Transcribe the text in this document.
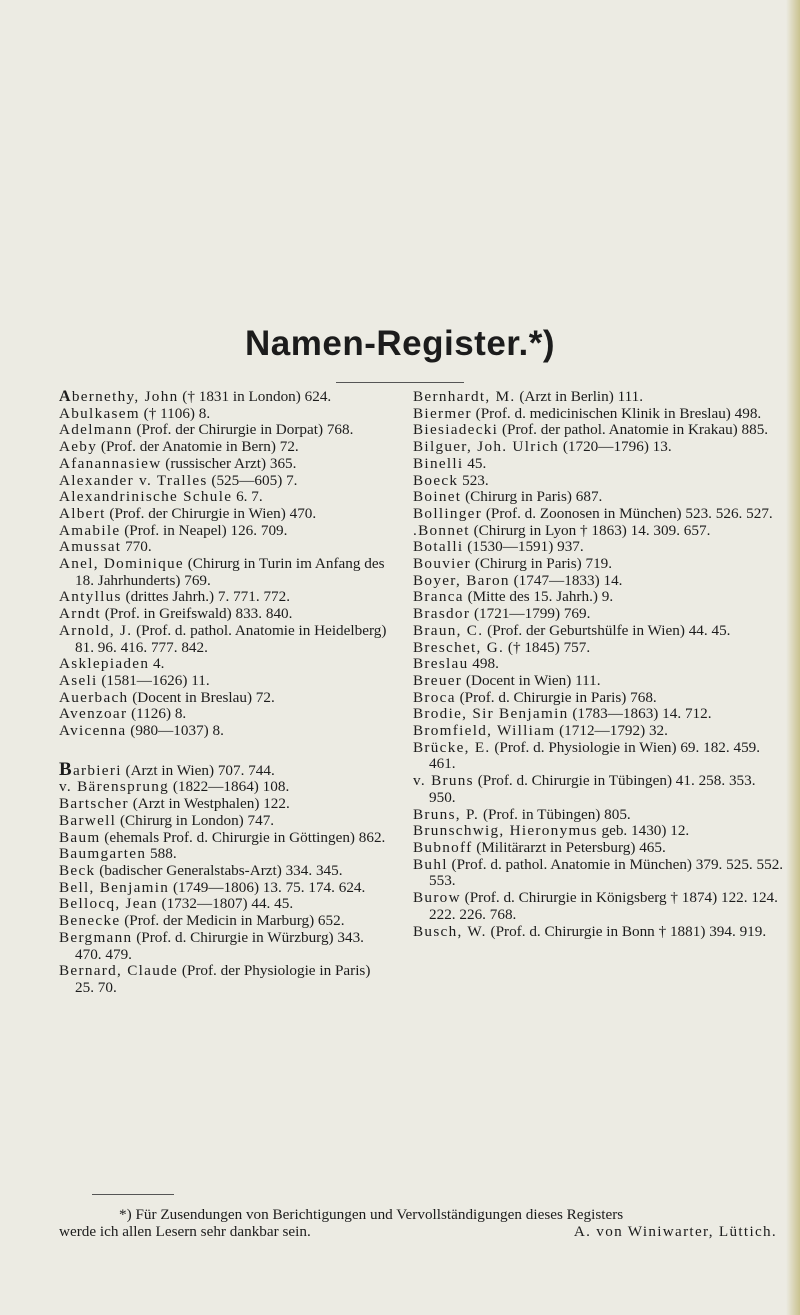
Namen-Register.*)

Abernethy, John († 1831 in London) 624.

Abulkasem († 1106) 8.

Adelmann (Prof. der Chirurgie in Dorpat) 768.

Aeby (Prof. der Anatomie in Bern) 72.

Afanannasiew (russischer Arzt) 365.

Alexander v. Tralles (525—605) 7.

Alexandrinische Schule 6. 7.

Albert (Prof. der Chirurgie in Wien) 470.

Amabile (Prof. in Neapel) 126. 709.

Amussat 770.

Anel, Dominique (Chirurg in Turin im Anfang des 18. Jahrhunderts) 769.

Antyllus (drittes Jahrh.) 7. 771. 772.

Arndt (Prof. in Greifswald) 833. 840.

Arnold, J. (Prof. d. pathol. Anatomie in Heidelberg) 81. 96. 416. 777. 842.

Asklepiaden 4.

Aseli (1581—1626) 11.

Auerbach (Docent in Breslau) 72.

Avenzoar (1126) 8.

Avicenna (980—1037) 8.

Barbieri (Arzt in Wien) 707. 744.

v. Bärensprung (1822—1864) 108.

Bartscher (Arzt in Westphalen) 122.

Barwell (Chirurg in London) 747.

Baum (ehemals Prof. d. Chirurgie in Göttingen) 862.

Baumgarten 588.

Beck (badischer Generalstabs-Arzt) 334. 345.

Bell, Benjamin (1749—1806) 13. 75. 174. 624.

Bellocq, Jean (1732—1807) 44. 45.

Benecke (Prof. der Medicin in Marburg) 652.

Bergmann (Prof. d. Chirurgie in Würzburg) 343. 470. 479.

Bernard, Claude (Prof. der Physiologie in Paris) 25. 70.

Bernhardt, M. (Arzt in Berlin) 111.

Biermer (Prof. d. medicinischen Klinik in Breslau) 498.

Biesiadecki (Prof. der pathol. Anatomie in Krakau) 885.

Bilguer, Joh. Ulrich (1720—1796) 13.

Binelli 45.

Boeck 523.

Boinet (Chirurg in Paris) 687.

Bollinger (Prof. d. Zoonosen in München) 523. 526. 527.

.Bonnet (Chirurg in Lyon † 1863) 14. 309. 657.

Botalli (1530—1591) 937.

Bouvier (Chirurg in Paris) 719.

Boyer, Baron (1747—1833) 14.

Branca (Mitte des 15. Jahrh.) 9.

Brasdor (1721—1799) 769.

Braun, C. (Prof. der Geburtshülfe in Wien) 44. 45.

Breschet, G. († 1845) 757.

Breslau 498.

Breuer (Docent in Wien) 111.

Broca (Prof. d. Chirurgie in Paris) 768.

Brodie, Sir Benjamin (1783—1863) 14. 712.

Bromfield, William (1712—1792) 32.

Brücke, E. (Prof. d. Physiologie in Wien) 69. 182. 459. 461.

v. Bruns (Prof. d. Chirurgie in Tübingen) 41. 258. 353. 950.

Bruns, P. (Prof. in Tübingen) 805.

Brunschwig, Hieronymus geb. 1430) 12.

Bubnoff (Militärarzt in Petersburg) 465.

Buhl (Prof. d. pathol. Anatomie in München) 379. 525. 552. 553.

Burow (Prof. d. Chirurgie in Königsberg † 1874) 122. 124. 222. 226. 768.

Busch, W. (Prof. d. Chirurgie in Bonn † 1881) 394. 919.

*) Für Zusendungen von Berichtigungen und Vervollständigungen dieses Registers
werde ich allen Lesern sehr dankbar sein.	A. von Winiwarter, Lüttich.
